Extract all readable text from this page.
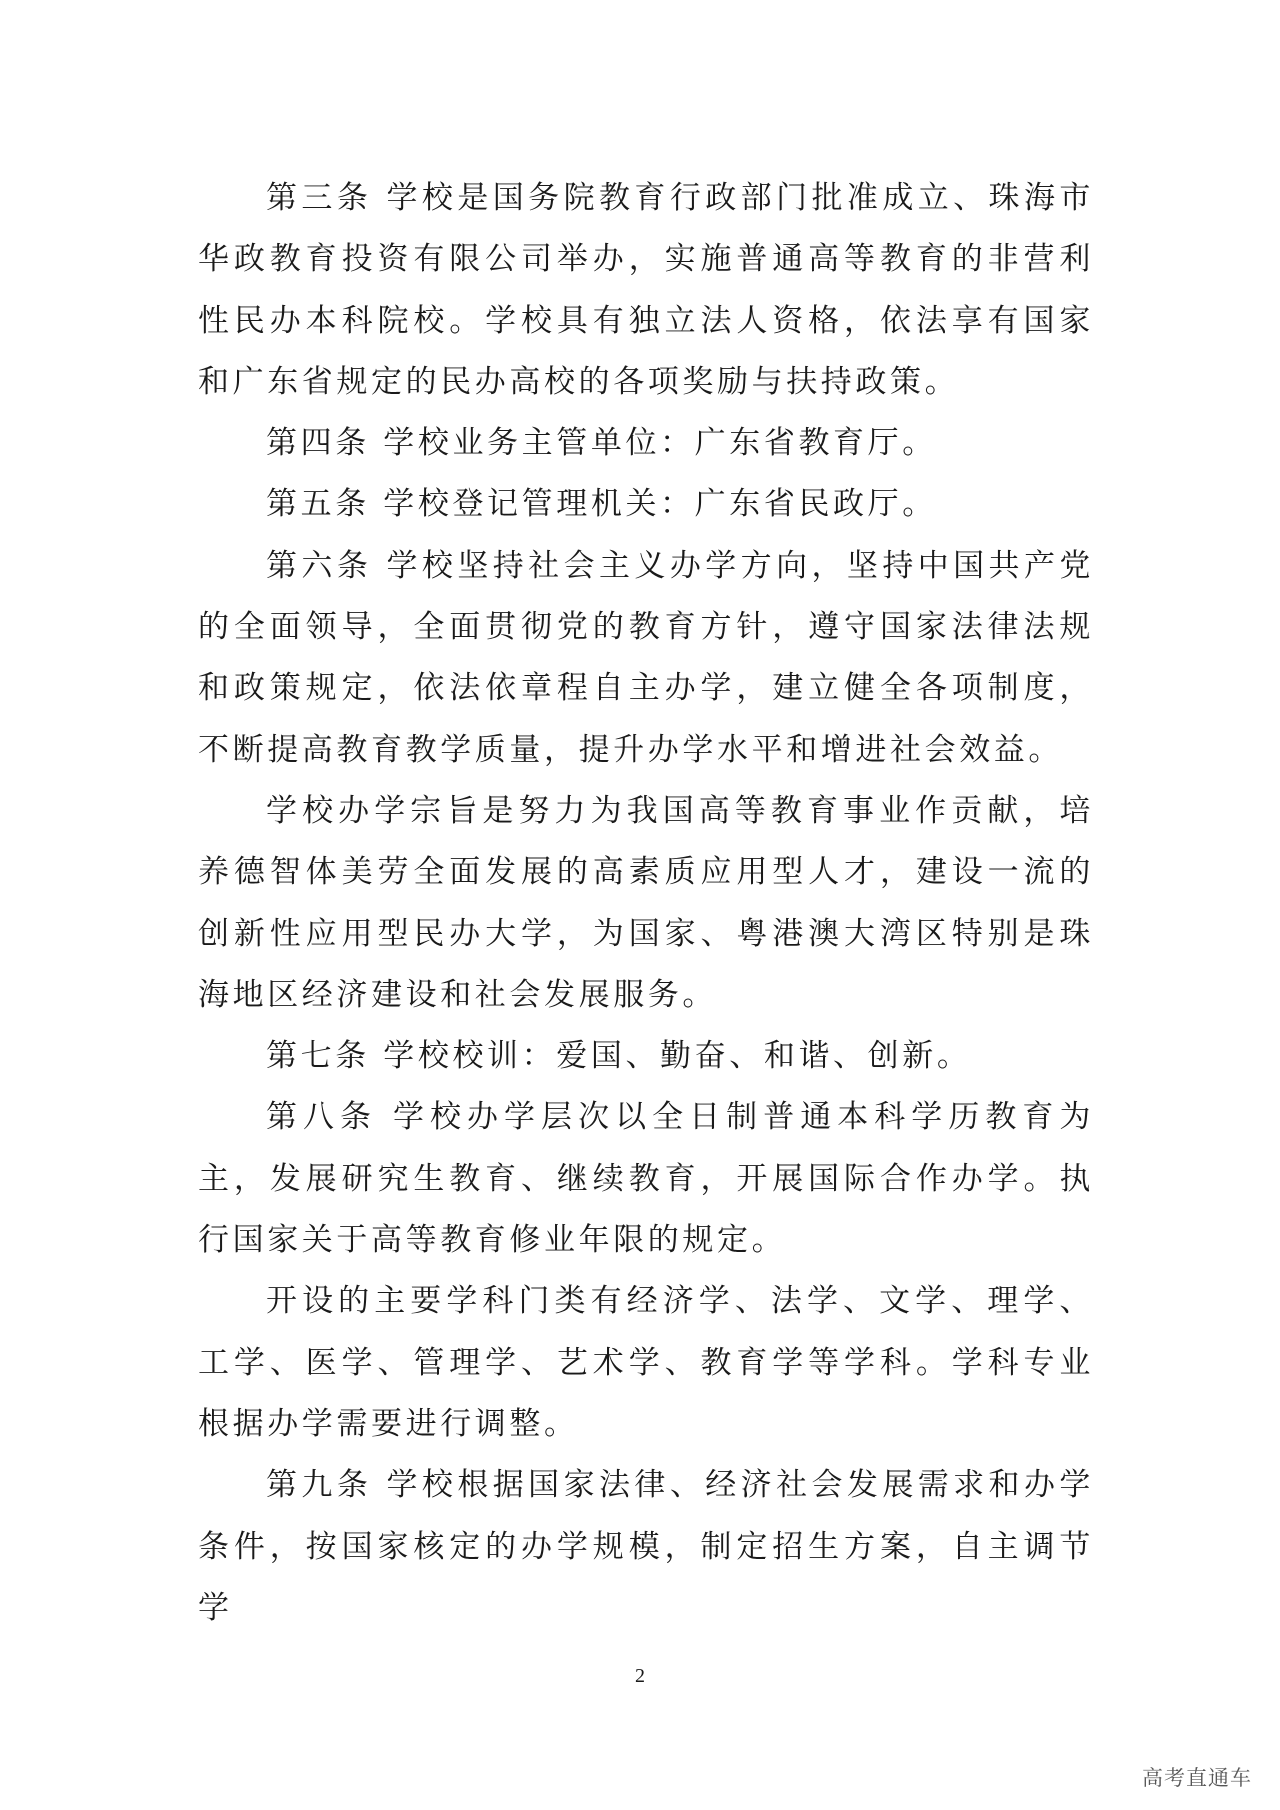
第三条 学校是国务院教育行政部门批准成立、珠海市华政教育投资有限公司举办，实施普通高等教育的非营利性民办本科院校。学校具有独立法人资格，依法享有国家和广东省规定的民办高校的各项奖励与扶持政策。

第四条 学校业务主管单位：广东省教育厅。

第五条 学校登记管理机关：广东省民政厅。

第六条 学校坚持社会主义办学方向，坚持中国共产党的全面领导，全面贯彻党的教育方针，遵守国家法律法规和政策规定，依法依章程自主办学，建立健全各项制度，不断提高教育教学质量，提升办学水平和增进社会效益。

学校办学宗旨是努力为我国高等教育事业作贡献，培养德智体美劳全面发展的高素质应用型人才，建设一流的创新性应用型民办大学，为国家、粤港澳大湾区特别是珠海地区经济建设和社会发展服务。

第七条 学校校训：爱国、勤奋、和谐、创新。

第八条 学校办学层次以全日制普通本科学历教育为主，发展研究生教育、继续教育，开展国际合作办学。执行国家关于高等教育修业年限的规定。

开设的主要学科门类有经济学、法学、文学、理学、工学、医学、管理学、艺术学、教育学等学科。学科专业根据办学需要进行调整。

第九条 学校根据国家法律、经济社会发展需求和办学条件，按国家核定的办学规模，制定招生方案，自主调节学

2
高考直通车
